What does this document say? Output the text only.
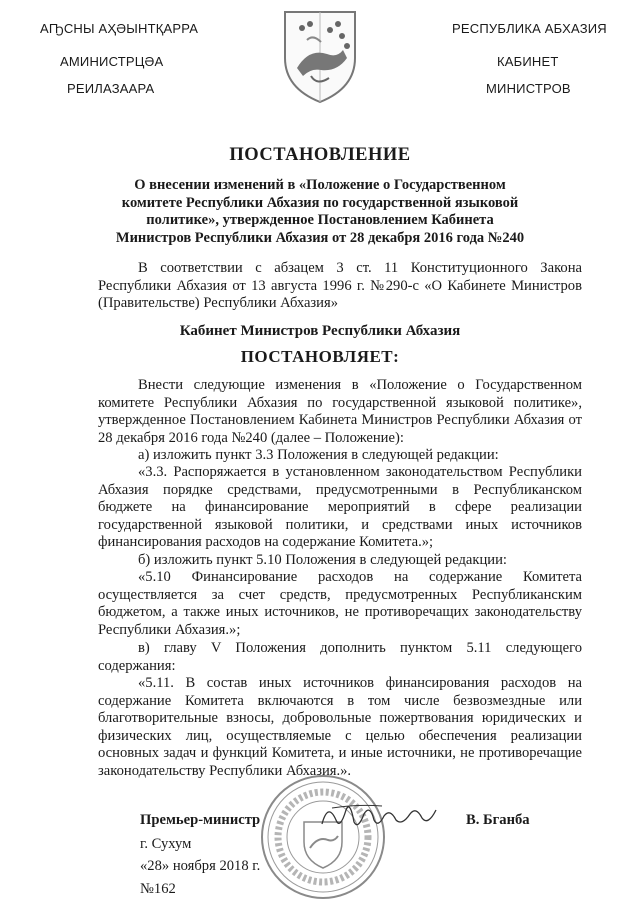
АҦСНЫ АҲӘЫНТҚАРРА
АМИНИСТРЦӘА
РЕИЛАЗААРА
РЕСПУБЛИКА АБХАЗИЯ
КАБИНЕТ
МИНИСТРОВ
ПОСТАНОВЛЕНИЕ
О внесении изменений в «Положение о Государственном комитете Республики Абхазия по государственной языковой политике», утвержденное Постановлением Кабинета Министров Республики Абхазия от 28 декабря 2016 года №240
В соответствии с абзацем 3 ст. 11 Конституционного Закона Республики Абхазия от 13 августа 1996 г. №290-с «О Кабинете Министров (Правительстве) Республики Абхазия»
Кабинет Министров Республики Абхазия
ПОСТАНОВЛЯЕТ:
Внести следующие изменения в «Положение о Государственном комитете Республики Абхазия по государственной языковой политике», утвержденное Постановлением Кабинета Министров Республики Абхазия от 28 декабря 2016 года №240 (далее – Положение):
а) изложить пункт 3.3 Положения в следующей редакции:
«3.3. Распоряжается в установленном законодательством Республики Абхазия порядке средствами, предусмотренными в Республиканском бюджете на финансирование мероприятий в сфере реализации государственной языковой политики, и средствами иных источников финансирования расходов на содержание Комитета.»;
б) изложить пункт 5.10 Положения в следующей редакции:
«5.10 Финансирование расходов на содержание Комитета осуществляется за счет средств, предусмотренных Республиканским бюджетом, а также иных источников, не противоречащих законодательству Республики Абхазия.»;
в) главу V Положения дополнить пунктом 5.11 следующего содержания:
«5.11. В состав иных источников финансирования расходов на содержание Комитета включаются в том числе безвозмездные или благотворительные взносы, добровольные пожертвования юридических и физических лиц, осуществляемые с целью обеспечения реализации основных задач и функций Комитета, и иные источники, не противоречащие законодательству Республики Абхазия.».
Премьер-министр	В. Бганба
г. Сухум
«28» ноября 2018 г.
№162
